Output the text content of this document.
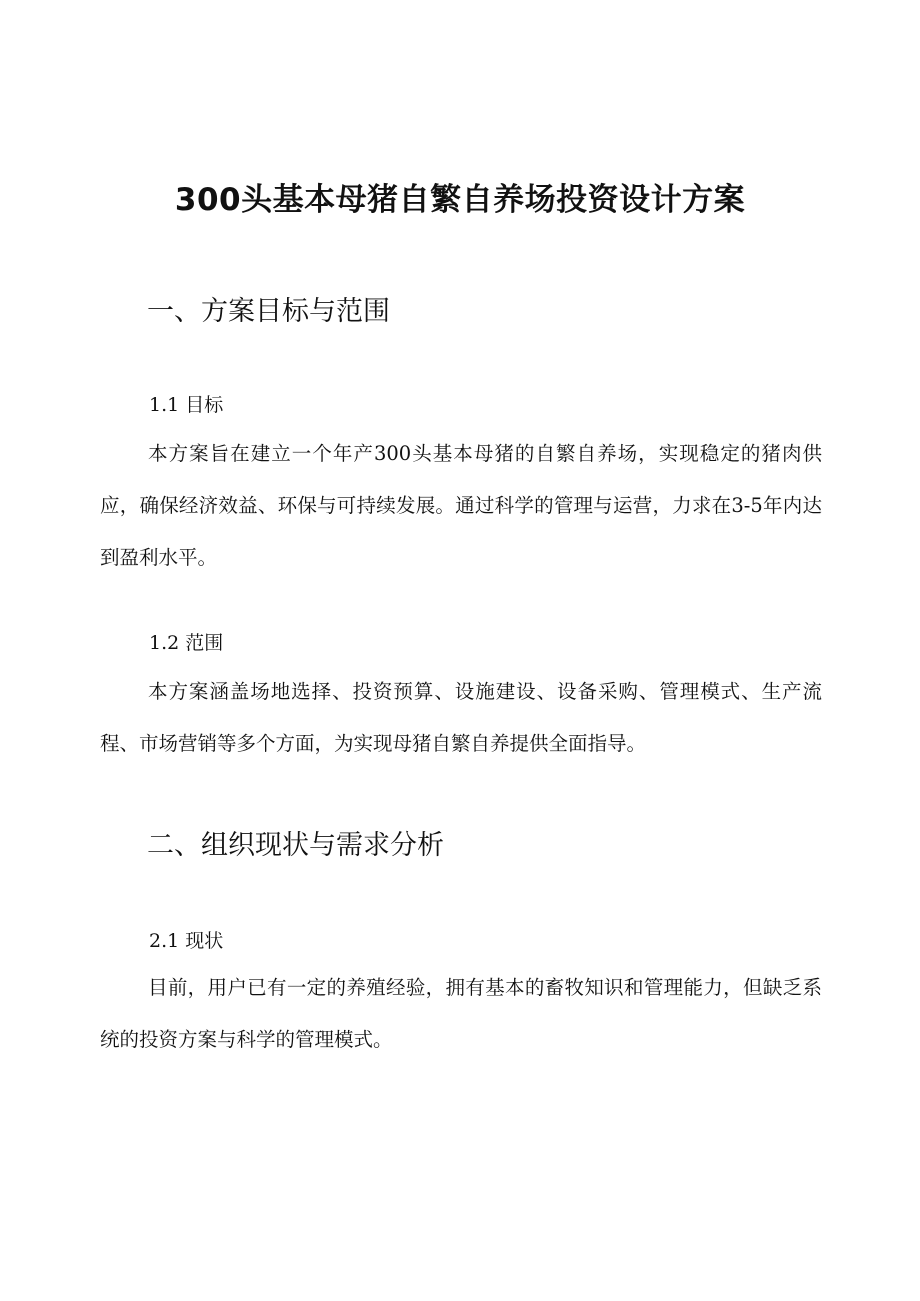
300头基本母猪自繁自养场投资设计方案
一、方案目标与范围
1.1 目标

本方案旨在建立一个年产300头基本母猪的自繁自养场，实现稳定的猪肉供应，确保经济效益、环保与可持续发展。通过科学的管理与运营，力求在3-5年内达到盈利水平。

1.2 范围

本方案涵盖场地选择、投资预算、设施建设、设备采购、管理模式、生产流程、市场营销等多个方面，为实现母猪自繁自养提供全面指导。

二、组织现状与需求分析
2.1 现状

目前，用户已有一定的养殖经验，拥有基本的畜牧知识和管理能力，但缺乏系统的投资方案与科学的管理模式。
